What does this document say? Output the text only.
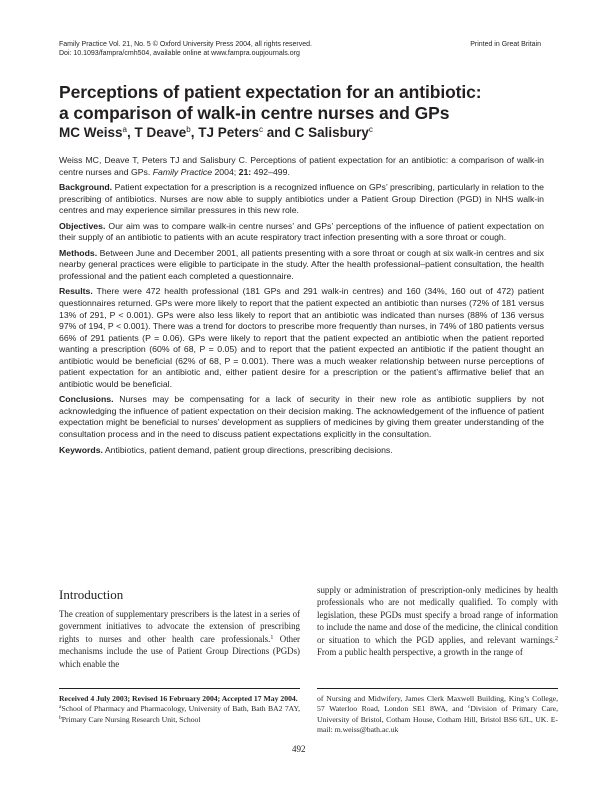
Family Practice Vol. 21, No. 5 © Oxford University Press 2004, all rights reserved.
Doi: 10.1093/fampra/cmh504, available online at www.fampra.oupjournals.org
Printed in Great Britain
Perceptions of patient expectation for an antibiotic:
a comparison of walk-in centre nurses and GPs
MC Weiss$^a$, T Deave$^b$, TJ Peters$^c$ and C Salisbury$^c$

Weiss MC, Deave T, Peters TJ and Salisbury C. Perceptions of patient expectation for an antibiotic: a comparison of walk-in centre nurses and GPs. Family Practice 2004; 21: 492–499.

Background. Patient expectation for a prescription is a recognized influence on GPs’ prescribing, particularly in relation to the prescribing of antibiotics. Nurses are now able to supply antibiotics under a Patient Group Direction (PGD) in NHS walk-in centres and may experience similar pressures in this new role.

Objectives. Our aim was to compare walk-in centre nurses’ and GPs’ perceptions of the influence of patient expectation on their supply of an antibiotic to patients with an acute respiratory tract infection presenting with a sore throat or cough.

Methods. Between June and December 2001, all patients presenting with a sore throat or cough at six walk-in centres and six nearby general practices were eligible to participate in the study. After the health professional–patient consultation, the health professional and the patient each completed a questionnaire.

Results. There were 472 health professional (181 GPs and 291 walk-in centres) and 160 (34%, 160 out of 472) patient questionnaires returned. GPs were more likely to report that the patient expected an antibiotic than nurses (72% of 181 versus 13% of 291, P < 0.001). GPs were also less likely to report that an antibiotic was indicated than nurses (88% of 136 versus 97% of 194, P < 0.001). There was a trend for doctors to prescribe more frequently than nurses, in 74% of 180 patients versus 66% of 291 patients (P = 0.06). GPs were likely to report that the patient expected an antibiotic when the patient reported wanting a prescription (60% of 68, P = 0.05) and to report that the patient expected an antibiotic if the patient thought an antibiotic would be beneficial (62% of 68, P = 0.001). There was a much weaker relationship between nurse perceptions of patient expectation for an antibiotic and, either patient desire for a prescription or the patient’s affirmative belief that an antibiotic would be beneficial.

Conclusions. Nurses may be compensating for a lack of security in their new role as antibiotic suppliers by not acknowledging the influence of patient expectation on their decision making. The acknowledgement of the influence of patient expectation might be beneficial to nurses’ development as suppliers of medicines by giving them greater understanding of the consultation process and in the need to discuss patient expectations explicitly in the consultation.

Keywords. Antibiotics, patient demand, patient group directions, prescribing decisions.

Introduction
The creation of supplementary prescribers is the latest in a series of government initiatives to advocate the extension of prescribing rights to nurses and other health care professionals.$^1$ Other mechanisms include the use of Patient Group Directions (PGDs) which enable the
supply or administration of prescription-only medicines by health professionals who are not medically qualified. To comply with legislation, these PGDs must specify a broad range of information to include the name and dose of the medicine, the clinical condition or situation to which the PGD applies, and relevant warnings.$^2$ From a public health perspective, a growth in the range of
Received 4 July 2003; Revised 16 February 2004; Accepted 17 May 2004.
$^a$School of Pharmacy and Pharmacology, University of Bath, Bath BA2 7AY, $^b$Primary Care Nursing Research Unit, School
of Nursing and Midwifery, James Clerk Maxwell Building, King’s College, 57 Waterloo Road, London SE1 8WA, and $^c$Division of Primary Care, University of Bristol, Cotham House, Cotham Hill, Bristol BS6 6JL, UK. E-mail: m.weiss@bath.ac.uk
492
